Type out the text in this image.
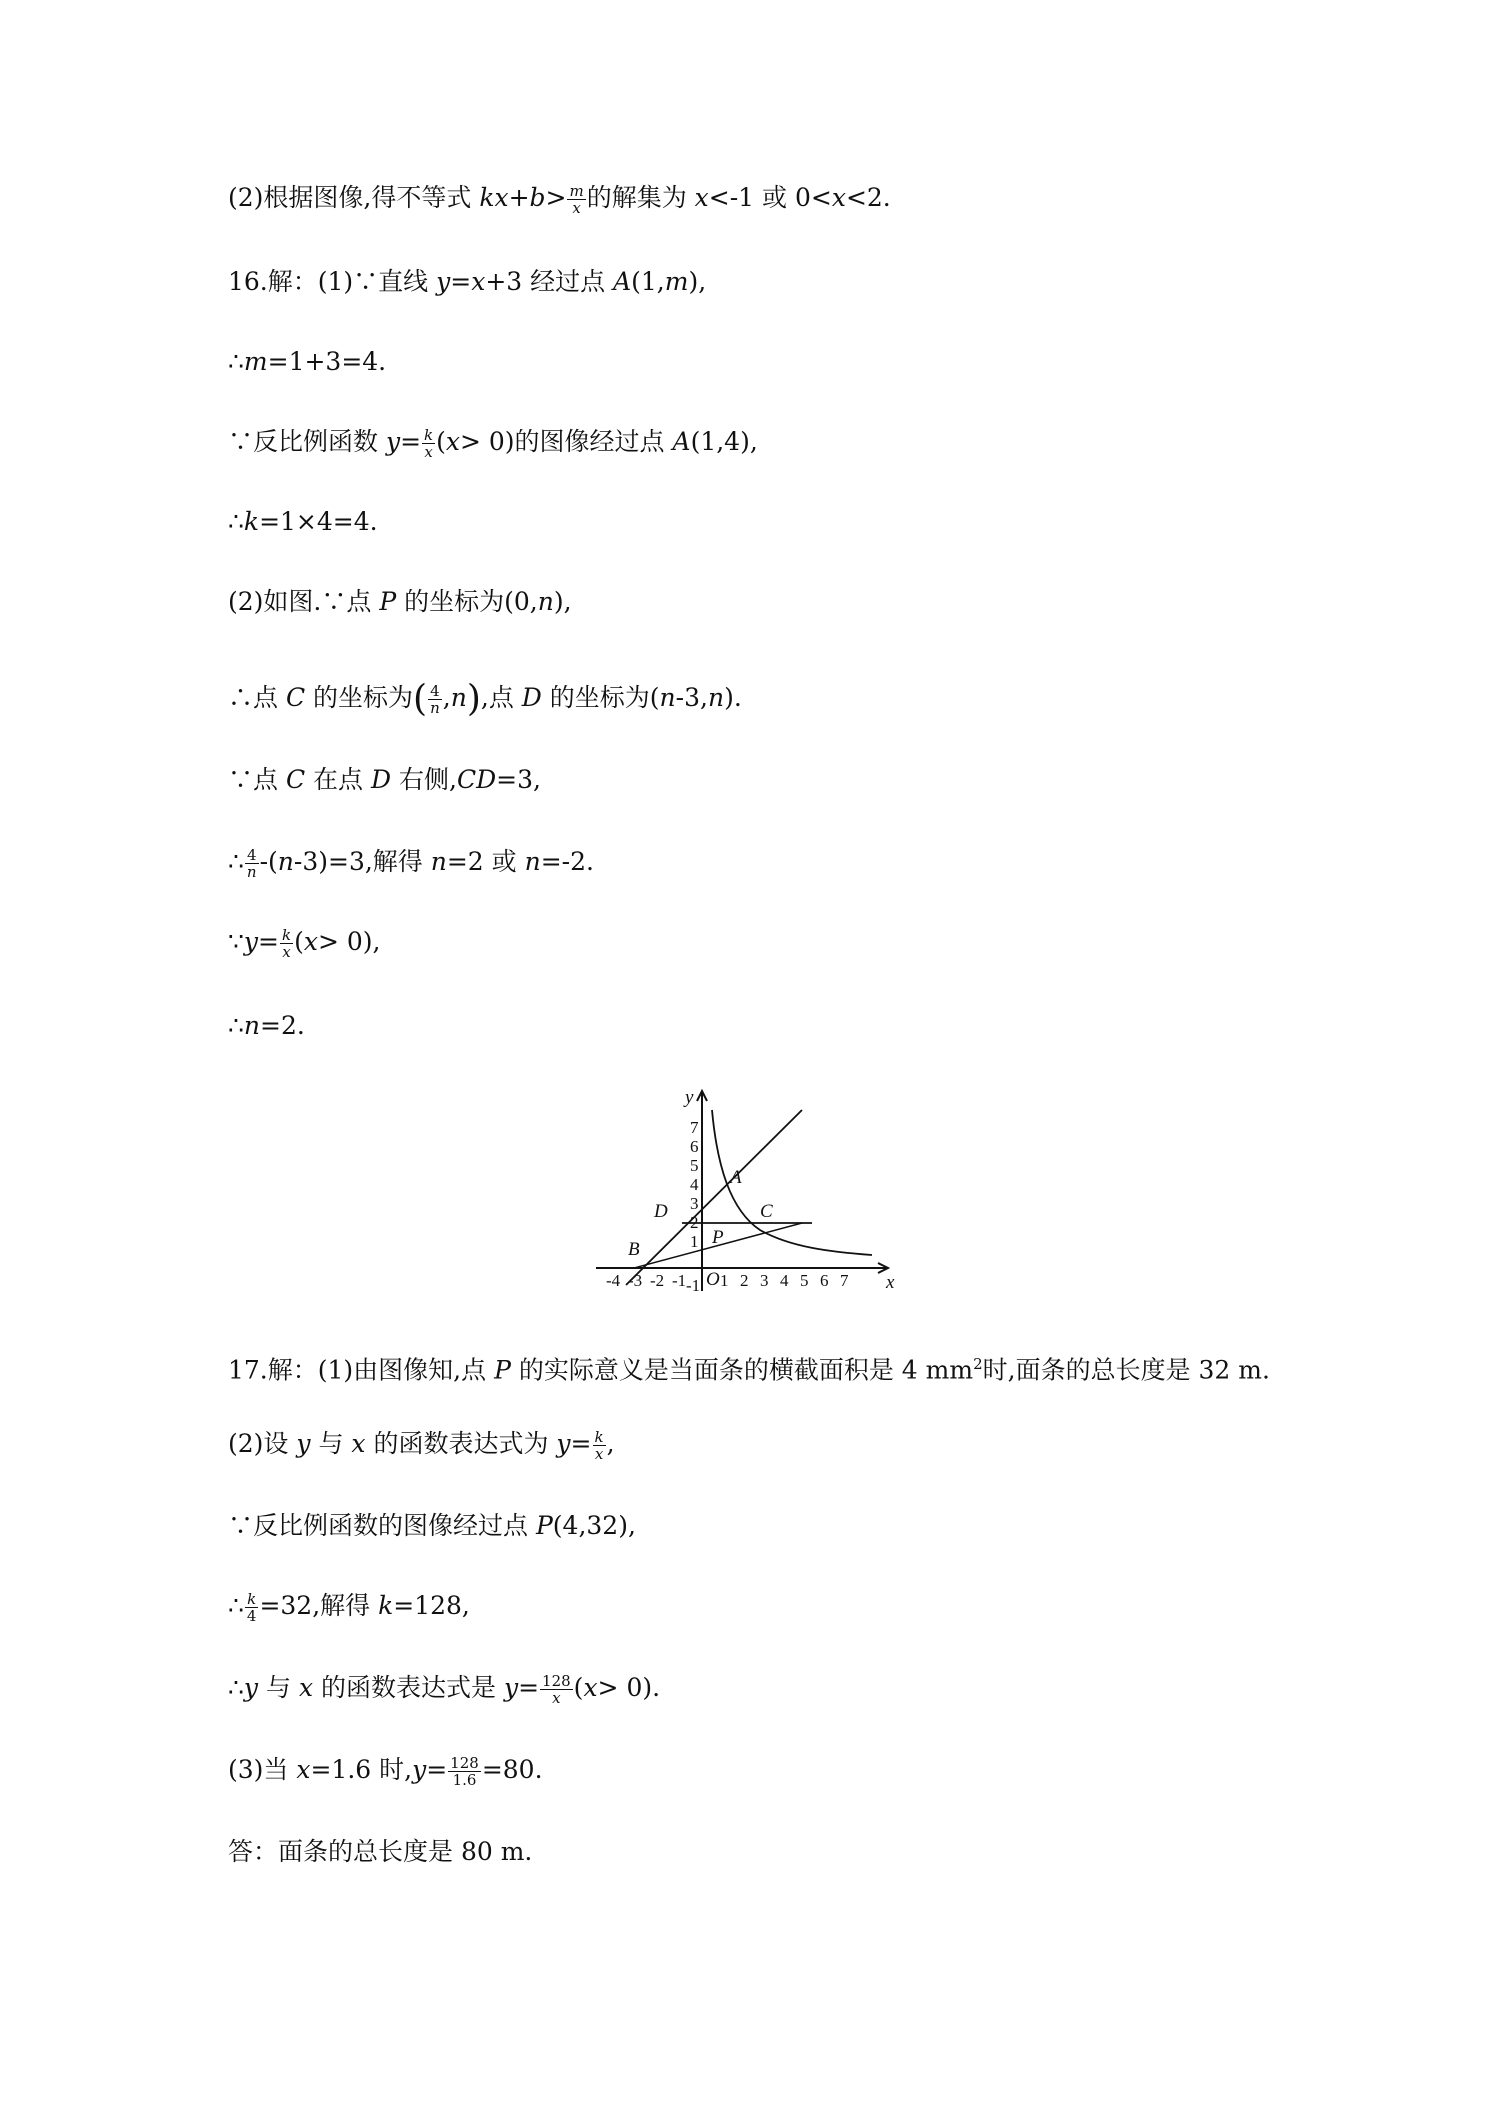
(2)根据图像,得不等式 $kx+b> \frac{m}{x}$ 的解集为 x<-1 或 0<x<2.
16.解：(1)∵直线 y=x+3 经过点 A(1,m),
∴m=1+3=4.
∵反比例函数 $y= \frac{k}{x} (x> 0)$的图像经过点 A(1,4),
∴k=1×4=4.
(2)如图.∵点 P 的坐标为(0,n),
∴点 C 的坐标为( $\frac{4}{n} ,n$),点 D 的坐标为(n-3,n).
∵点 C 在点 D 右侧,CD=3,
∴ $\frac{4}{n} -(n-3)=3$,解得 n=2 或 n=-2.
∵y= $\frac{k}{x} (x> 0)$,
∴n=2.
x
y
O
A
B
C
D
P
-4 -3 -2 -1 1 2 3 4 5 6 7
-1
1
2
3
4
5
6
7
17.解：(1)由图像知,点 P 的实际意义是当面条的横截面积是 4 $mm^2$时,面条的总长度是 32 m.
(2)设 y 与 x 的函数表达式为 $y= \frac{k}{x}$ ,
∵反比例函数的图像经过点 P(4,32),
∴ $\frac{k}{4} =32$,解得 k=128,
∴y 与 x 的函数表达式是 $y= \frac{128}{x} (x> 0)$.
(3)当 x=1.6 时$,y= \frac{128}{1.6} =80$.
答：面条的总长度是 80 m.
